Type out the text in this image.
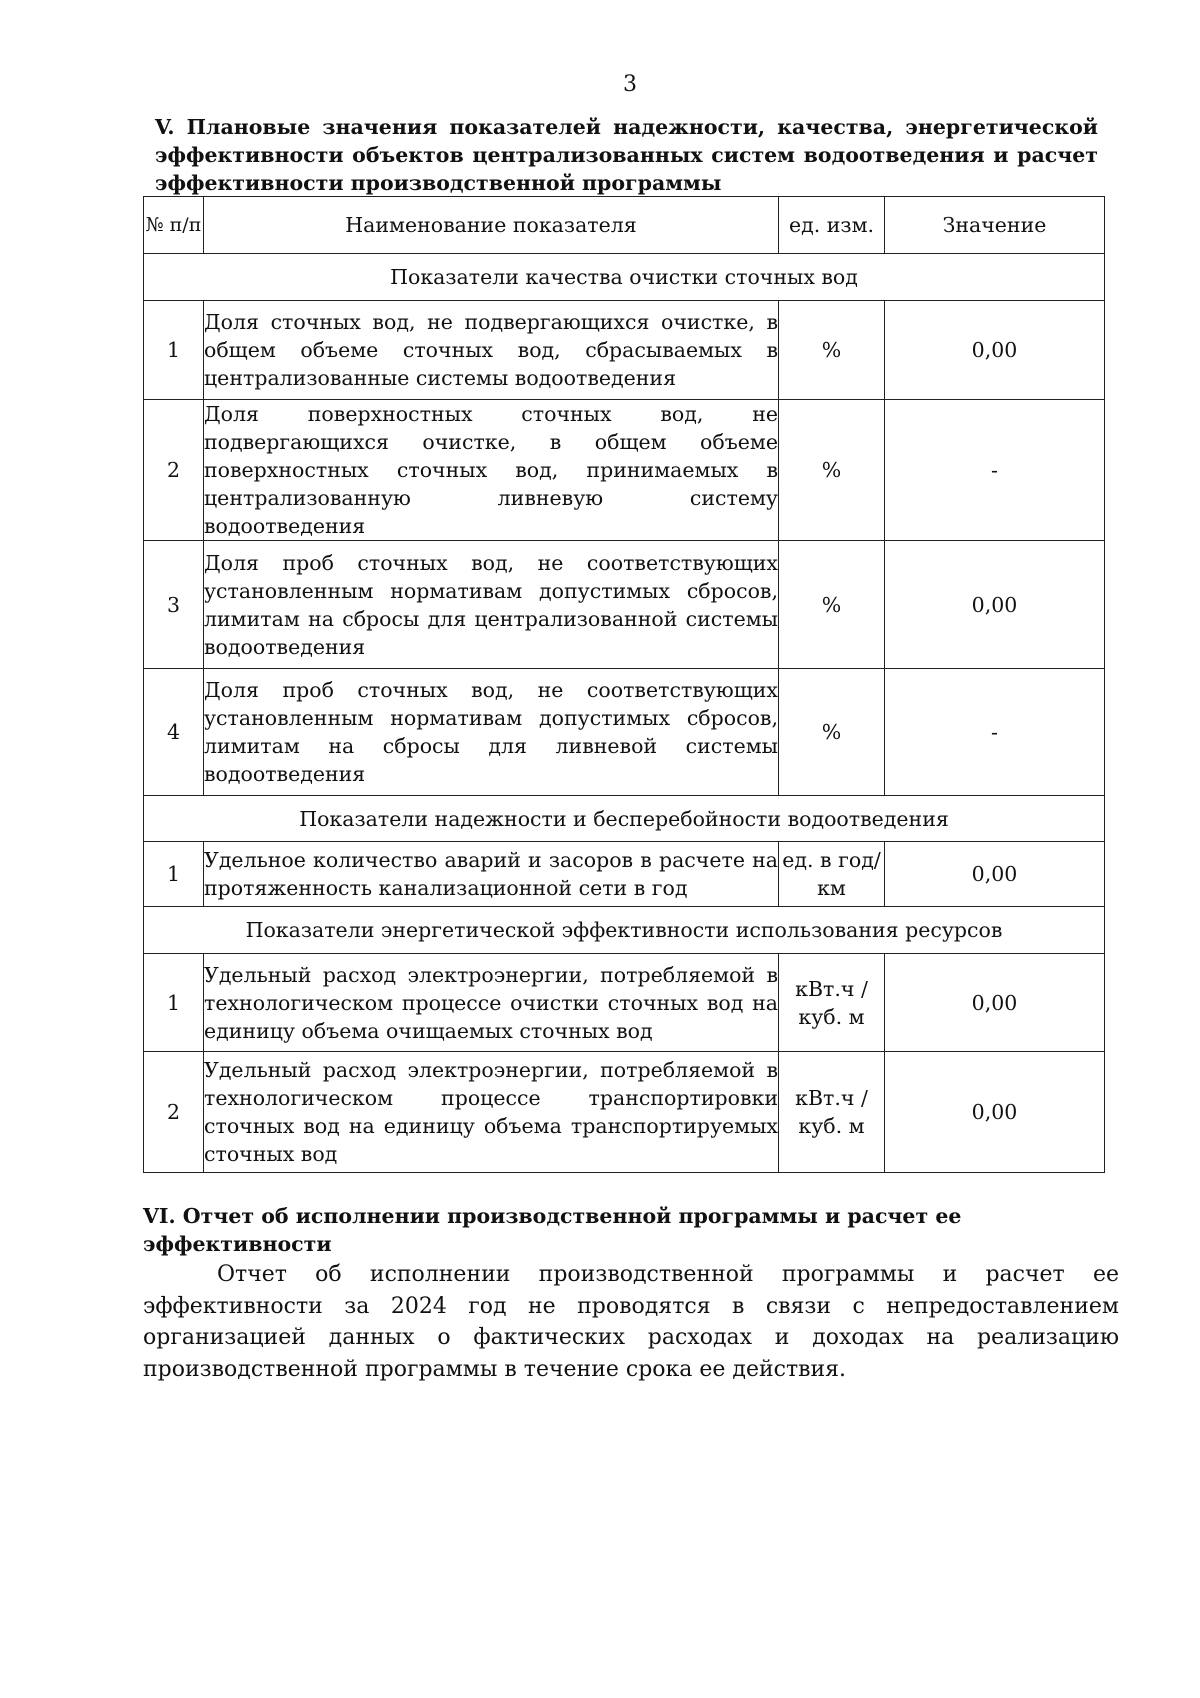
3

V. Плановые значения показателей надежности, качества, энергетической эффективности объектов централизованных систем водоотведения и расчет эффективности производственной программы

№ п/п	Наименование показателя	ед. изм.	Значение
Показатели качества очистки сточных вод			
1	Доля сточных вод, не подвергающихся очистке, в общем объеме сточных вод, сбрасываемых в централизованные системы водоотведения	%	0,00
2	Доля поверхностных сточных вод, не подвергающихся очистке, в общем объеме поверхностных сточных вод, принимаемых в централизованную ливневую систему водоотведения	%	-
3	Доля проб сточных вод, не соответствующих установленным нормативам допустимых сбросов, лимитам на сбросы для централизованной системы водоотведения	%	0,00
4	Доля проб сточных вод, не соответствующих установленным нормативам допустимых сбросов, лимитам на сбросы для ливневой системы водоотведения	%	-
Показатели надежности и бесперебойности водоотведения			
1	Удельное количество аварий и засоров в расчете на протяженность канализационной сети в год	ед. в год/ км	0,00
Показатели энергетической эффективности использования ресурсов			
1	Удельный расход электроэнергии, потребляемой в технологическом процессе очистки сточных вод на единицу объема очищаемых сточных вод	кВт.ч / куб. м	0,00
2	Удельный расход электроэнергии, потребляемой в технологическом процессе транспортировки сточных вод на единицу объема транспортируемых сточных вод	кВт.ч / куб. м	0,00

VI. Отчет об исполнении производственной программы и расчет ее эффективности

Отчет об исполнении производственной программы и расчет ее эффективности за 2024 год не проводятся в связи с непредоставлением организацией данных о фактических расходах и доходах на реализацию производственной программы в течение срока ее действия.
